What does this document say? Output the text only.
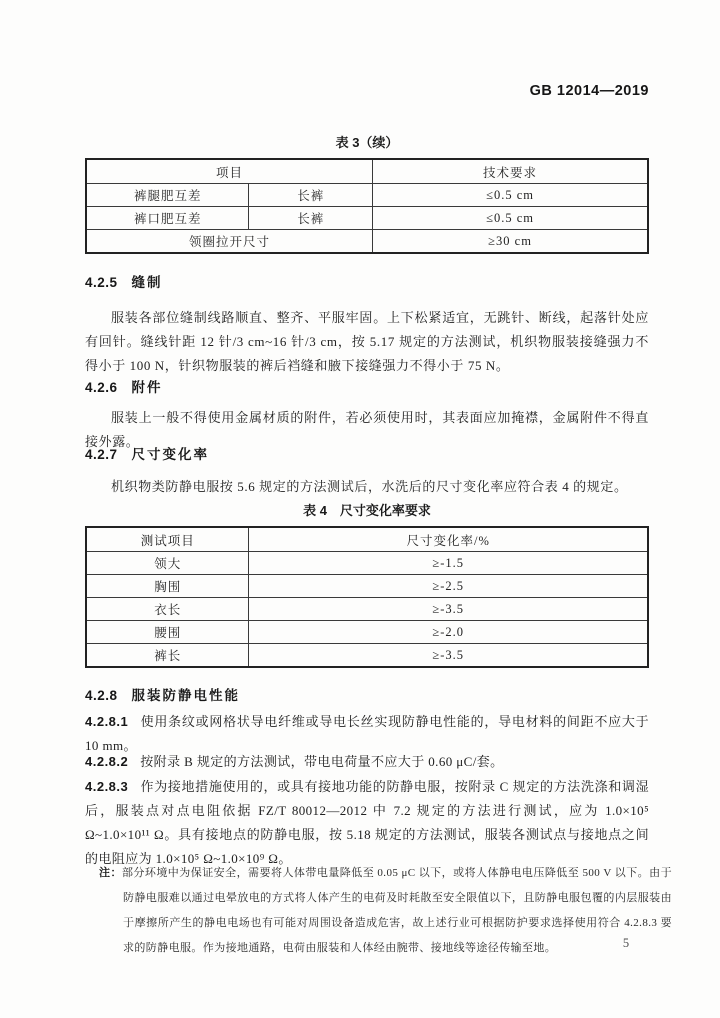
GB 12014—2019
表 3（续）
项目		技术要求
裤腿肥互差	长裤	≤0.5 cm
裤口肥互差	长裤	≤0.5 cm
领圈拉开尺寸		≥30 cm
4.2.5 缝制

服装各部位缝制线路顺直、整齐、平服牢固。上下松紧适宜，无跳针、断线，起落针处应有回针。缝线针距 12 针/3 cm~16 针/3 cm，按 5.17 规定的方法测试，机织物服装接缝强力不得小于 100 N，针织物服装的裤后裆缝和腋下接缝强力不得小于 75 N。

4.2.6 附件

服装上一般不得使用金属材质的附件，若必须使用时，其表面应加掩襟，金属附件不得直接外露。

4.2.7 尺寸变化率

机织物类防静电服按 5.6 规定的方法测试后，水洗后的尺寸变化率应符合表 4 的规定。

表 4　尺寸变化率要求
测试项目	尺寸变化率/%
领大	≥-1.5
胸围	≥-2.5
衣长	≥-3.5
腰围	≥-2.0
裤长	≥-3.5
4.2.8 服装防静电性能

4.2.8.1 使用条纹或网格状导电纤维或导电长丝实现防静电性能的，导电材料的间距不应大于 10 mm。

4.2.8.2 按附录 B 规定的方法测试，带电电荷量不应大于 0.60 μC/套。

4.2.8.3 作为接地措施使用的，或具有接地功能的防静电服，按附录 C 规定的方法洗涤和调湿后，服装点对点电阻依据 FZ/T 80012—2012 中 7.2 规定的方法进行测试，应为 1.0×10⁵ Ω~1.0×10¹¹ Ω。具有接地点的防静电服，按 5.18 规定的方法测试，服装各测试点与接地点之间的电阻应为 1.0×10⁵ Ω~1.0×10⁹ Ω。

注：部分环境中为保证安全，需要将人体带电量降低至 0.05 μC 以下，或将人体静电电压降低至 500 V 以下。由于防静电服难以通过电晕放电的方式将人体产生的电荷及时耗散至安全限值以下，且防静电服包覆的内层服装由于摩擦所产生的静电电场也有可能对周围设备造成危害，故上述行业可根据防护要求选择使用符合 4.2.8.3 要求的防静电服。作为接地通路，电荷由服装和人体经由腕带、接地线等途径传输至地。	5
